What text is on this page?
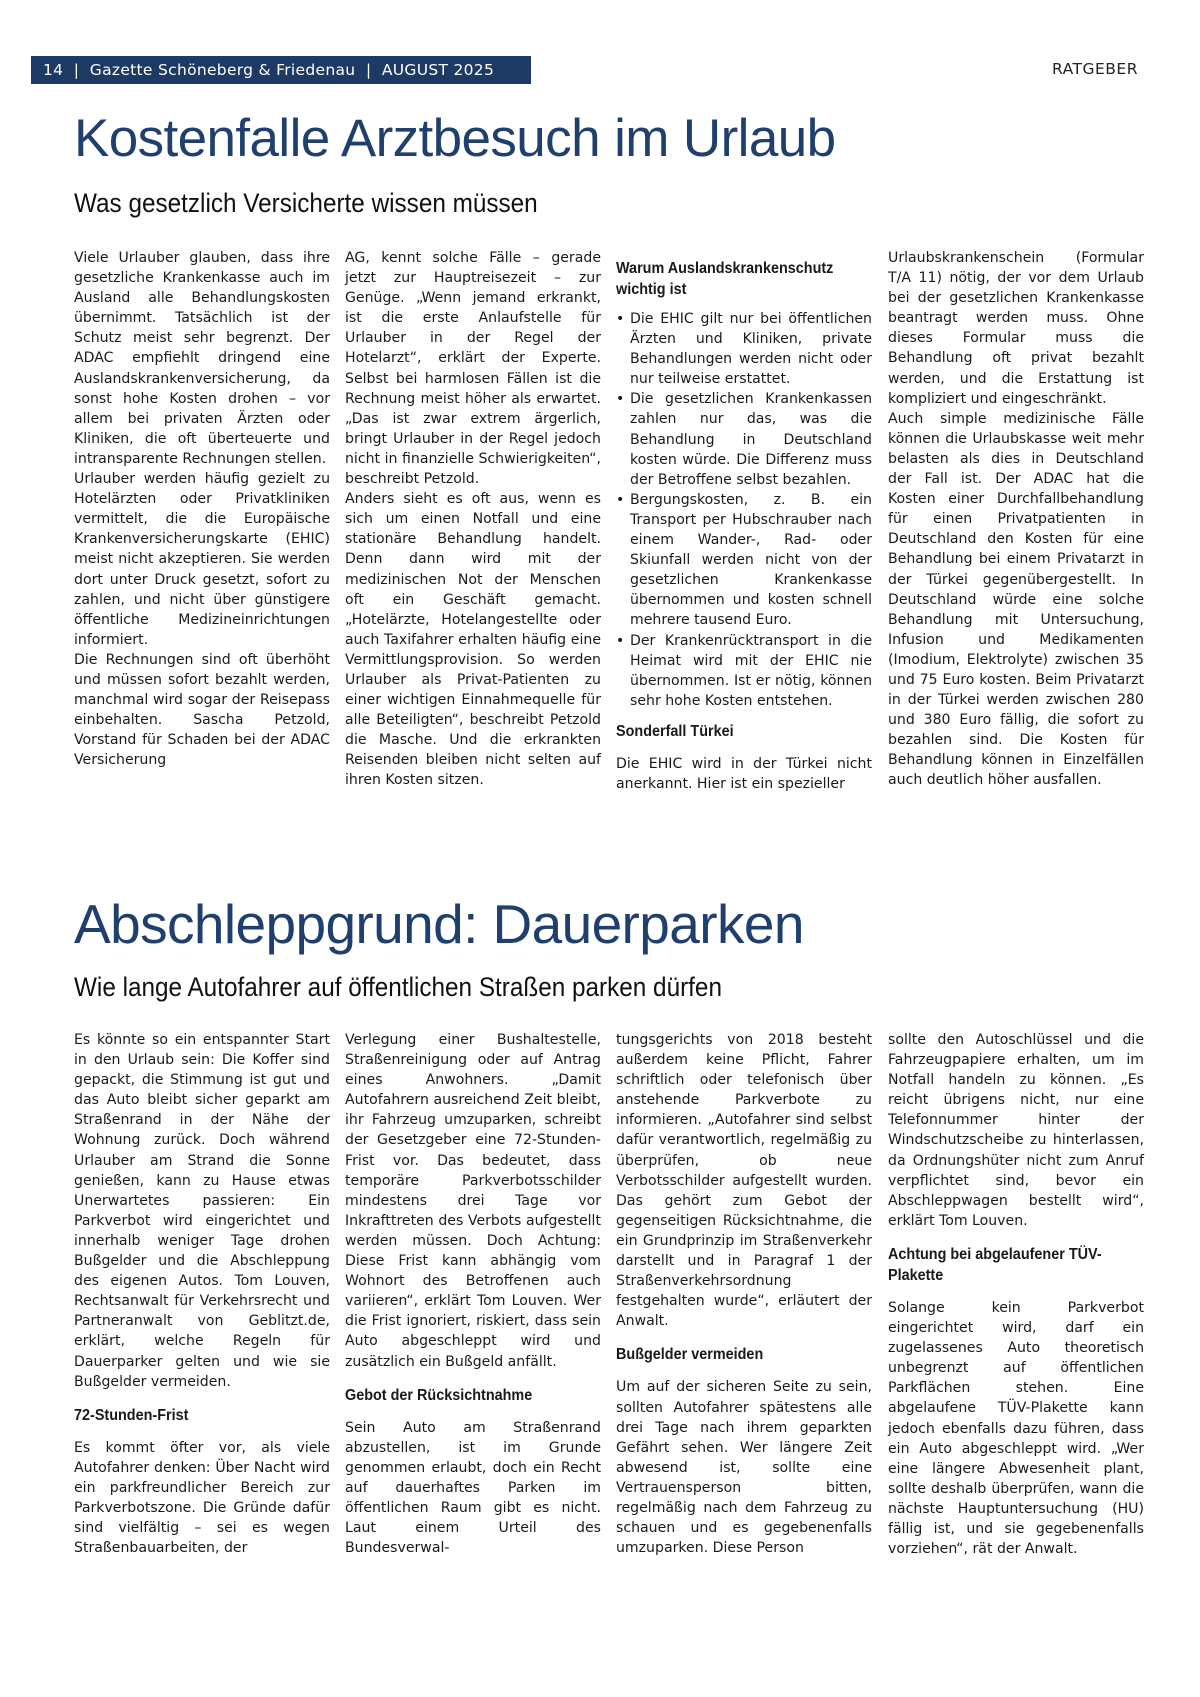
14  |  Gazette Schöneberg & Friedenau  |  AUGUST 2025	RATGEBER
Kostenfalle Arztbesuch im Urlaub
Was gesetzlich Versicherte wissen müssen

Viele Urlauber glauben, dass ihre gesetzliche Krankenkasse auch im Ausland alle Behandlungskosten übernimmt. Tatsächlich ist der Schutz meist sehr begrenzt. Der ADAC empfiehlt dringend eine Auslandskrankenversicherung, da sonst hohe Kosten drohen – vor allem bei privaten Ärzten oder Kliniken, die oft überteuerte und intransparente Rechnungen stellen.

Urlauber werden häufig gezielt zu Hotelärzten oder Privatkliniken vermittelt, die die Europäische Krankenversicherungskarte (EHIC) meist nicht akzeptieren. Sie werden dort unter Druck gesetzt, sofort zu zahlen, und nicht über günstigere öffentliche Medizineinrichtungen informiert.

Die Rechnungen sind oft überhöht und müssen sofort bezahlt werden, manchmal wird sogar der Reisepass einbehalten. Sascha Petzold, Vorstand für Schaden bei der ADAC Versicherung

AG, kennt solche Fälle – gerade jetzt zur Hauptreisezeit – zur Genüge. „Wenn jemand erkrankt, ist die erste Anlaufstelle für Urlauber in der Regel der Hotelarzt“, erklärt der Experte. Selbst bei harmlosen Fällen ist die Rechnung meist höher als erwartet. „Das ist zwar extrem ärgerlich, bringt Urlauber in der Regel jedoch nicht in finanzielle Schwierigkeiten“, beschreibt Petzold.

Anders sieht es oft aus, wenn es sich um einen Notfall und eine stationäre Behandlung handelt. Denn dann wird mit der medizinischen Not der Menschen oft ein Geschäft gemacht. „Hotelärzte, Hotelangestellte oder auch Taxifahrer erhalten häufig eine Vermittlungsprovision. So werden Urlauber als Privat-Patienten zu einer wichtigen Einnahmequelle für alle Beteiligten“, beschreibt Petzold die Masche. Und die erkrankten Reisenden bleiben nicht selten auf ihren Kosten sitzen.

Warum Auslandskrankenschutz wichtig ist
• Die EHIC gilt nur bei öffentlichen Ärzten und Kliniken, private Behandlungen werden nicht oder nur teilweise erstattet.
• Die gesetzlichen Krankenkassen zahlen nur das, was die Behandlung in Deutschland kosten würde. Die Differenz muss der Betroffene selbst bezahlen.
• Bergungskosten, z. B. ein Transport per Hubschrauber nach einem Wander-, Rad- oder Skiunfall werden nicht von der gesetzlichen Krankenkasse übernommen und kosten schnell mehrere tausend Euro.
• Der Krankenrücktransport in die Heimat wird mit der EHIC nie übernommen. Ist er nötig, können sehr hohe Kosten entstehen.
Sonderfall Türkei

Die EHIC wird in der Türkei nicht anerkannt. Hier ist ein spezieller

Urlaubskrankenschein (Formular T/A 11) nötig, der vor dem Urlaub bei der gesetzlichen Krankenkasse beantragt werden muss. Ohne dieses Formular muss die Behandlung oft privat bezahlt werden, und die Erstattung ist kompliziert und eingeschränkt.

Auch simple medizinische Fälle können die Urlaubskasse weit mehr belasten als dies in Deutschland der Fall ist. Der ADAC hat die Kosten einer Durchfallbehandlung für einen Privatpatienten in Deutschland den Kosten für eine Behandlung bei einem Privatarzt in der Türkei gegenübergestellt. In Deutschland würde eine solche Behandlung mit Untersuchung, Infusion und Medikamenten (Imodium, Elektrolyte) zwischen 35 und 75 Euro kosten. Beim Privatarzt in der Türkei werden zwischen 280 und 380 Euro fällig, die sofort zu bezahlen sind. Die Kosten für Behandlung können in Einzelfällen auch deutlich höher ausfallen.

Abschleppgrund: Dauerparken
Wie lange Autofahrer auf öffentlichen Straßen parken dürfen

Es könnte so ein entspannter Start in den Urlaub sein: Die Koffer sind gepackt, die Stimmung ist gut und das Auto bleibt sicher geparkt am Straßenrand in der Nähe der Wohnung zurück. Doch während Urlauber am Strand die Sonne genießen, kann zu Hause etwas Unerwartetes passieren: Ein Parkverbot wird eingerichtet und innerhalb weniger Tage drohen Bußgelder und die Abschleppung des eigenen Autos. Tom Louven, Rechtsanwalt für Verkehrsrecht und Partneranwalt von Geblitzt.de, erklärt, welche Regeln für Dauerparker gelten und wie sie Bußgelder vermeiden.

72-Stunden-Frist

Es kommt öfter vor, als viele Autofahrer denken: Über Nacht wird ein parkfreundlicher Bereich zur Parkverbotszone. Die Gründe dafür sind vielfältig – sei es wegen Straßenbauarbeiten, der

Verlegung einer Bushaltestelle, Straßenreinigung oder auf Antrag eines Anwohners. „Damit Autofahrern ausreichend Zeit bleibt, ihr Fahrzeug umzuparken, schreibt der Gesetzgeber eine 72-Stunden-Frist vor. Das bedeutet, dass temporäre Parkverbotsschilder mindestens drei Tage vor Inkrafttreten des Verbots aufgestellt werden müssen. Doch Achtung: Diese Frist kann abhängig vom Wohnort des Betroffenen auch variieren“, erklärt Tom Louven. Wer die Frist ignoriert, riskiert, dass sein Auto abgeschleppt wird und zusätzlich ein Bußgeld anfällt.

Gebot der Rücksichtnahme

Sein Auto am Straßenrand abzustellen, ist im Grunde genommen erlaubt, doch ein Recht auf dauerhaftes Parken im öffentlichen Raum gibt es nicht. Laut einem Urteil des Bundesverwal-

tungsgerichts von 2018 besteht außerdem keine Pflicht, Fahrer schriftlich oder telefonisch über anstehende Parkverbote zu informieren. „Autofahrer sind selbst dafür verantwortlich, regelmäßig zu überprüfen, ob neue Verbotsschilder aufgestellt wurden. Das gehört zum Gebot der gegenseitigen Rücksichtnahme, die ein Grundprinzip im Straßenverkehr darstellt und in Paragraf 1 der Straßenverkehrsordnung festgehalten wurde“, erläutert der Anwalt.

Bußgelder vermeiden

Um auf der sicheren Seite zu sein, sollten Autofahrer spätestens alle drei Tage nach ihrem geparkten Gefährt sehen. Wer längere Zeit abwesend ist, sollte eine Vertrauensperson bitten, regelmäßig nach dem Fahrzeug zu schauen und es gegebenenfalls umzuparken. Diese Person

sollte den Autoschlüssel und die Fahrzeugpapiere erhalten, um im Notfall handeln zu können. „Es reicht übrigens nicht, nur eine Telefonnummer hinter der Windschutzscheibe zu hinterlassen, da Ordnungshüter nicht zum Anruf verpflichtet sind, bevor ein Abschleppwagen bestellt wird“, erklärt Tom Louven.

Achtung bei abgelaufener TÜV-Plakette

Solange kein Parkverbot eingerichtet wird, darf ein zugelassenes Auto theoretisch unbegrenzt auf öffentlichen Parkflächen stehen. Eine abgelaufene TÜV-Plakette kann jedoch ebenfalls dazu führen, dass ein Auto abgeschleppt wird. „Wer eine längere Abwesenheit plant, sollte deshalb überprüfen, wann die nächste Hauptuntersuchung (HU) fällig ist, und sie gegebenenfalls vorziehen“, rät der Anwalt.
